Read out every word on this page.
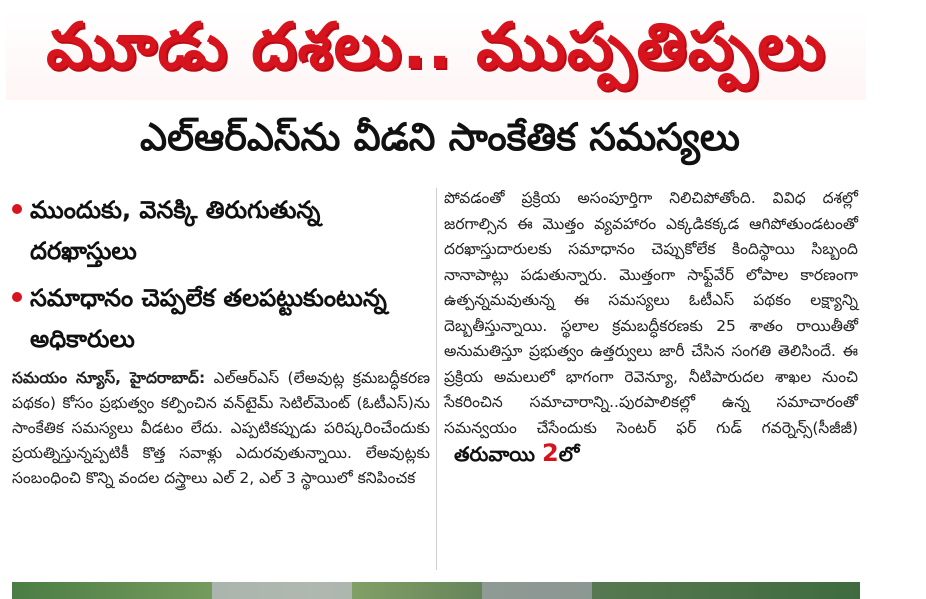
మూడు దశలు.. ముప్పతిప్పలు
ఎల్ఆర్ఎస్‌ను వీడని సాంకేతిక సమస్యలు
ముందుకు, వెనక్కి తిరుగుతున్న దరఖాస్తులు
సమాధానం చెప్పలేక తలపట్టుకుంటున్న అధికారులు

సమయం న్యూస్, హైదరాబాద్: ఎల్ఆర్ఎస్ (లేఅవుట్ల క్రమబద్ధీకరణ పథకం) కోసం ప్రభుత్వం కల్పించిన వన్‌టైమ్ సెటిల్‌మెంట్ (ఓటీఎస్)ను సాంకేతిక సమస్యలు వీడటం లేదు. ఎప్పటికప్పుడు పరిష్కరించేందుకు ప్రయత్నిస్తున్నప్పటికీ కొత్త సవాళ్లు ఎదురవుతున్నాయి. లేఅవుట్లకు సంబంధించి కొన్ని వందల దస్త్రాలు ఎల్ 2, ఎల్ 3 స్థాయిలో కనిపించక

పోవడంతో ప్రక్రియ అసంపూర్తిగా నిలిచిపోతోంది. వివిధ దశల్లో జరగాల్సిన ఈ మొత్తం వ్యవహారం ఎక్కడికక్కడ ఆగిపోతుండటంతో దరఖాస్తుదారులకు సమాధానం చెప్పుకోలేక కిందిస్థాయి సిబ్బంది నానాపాట్లు పడుతున్నారు. మొత్తంగా సాఫ్ట్‌వేర్ లోపాల కారణంగా ఉత్పన్నమవుతున్న ఈ సమస్యలు ఓటీఎస్ పథకం లక్ష్యాన్ని దెబ్బతీస్తున్నాయి. స్థలాల క్రమబద్ధీకరణకు 25 శాతం రాయితీతో అనుమతిస్తూ ప్రభుత్వం ఉత్తర్వులు జారీ చేసిన సంగతి తెలిసిందే. ఈ ప్రక్రియ అమలులో భాగంగా రెవెన్యూ, నీటిపారుదల శాఖల నుంచి సేకరించిన సమాచారాన్ని..పురపాలికల్లో ఉన్న సమాచారంతో సమన్వయం చేసేందుకు సెంటర్ ఫర్ గుడ్ గవర్నెన్స్(సీజీజీ) తరువాయి 2లో
